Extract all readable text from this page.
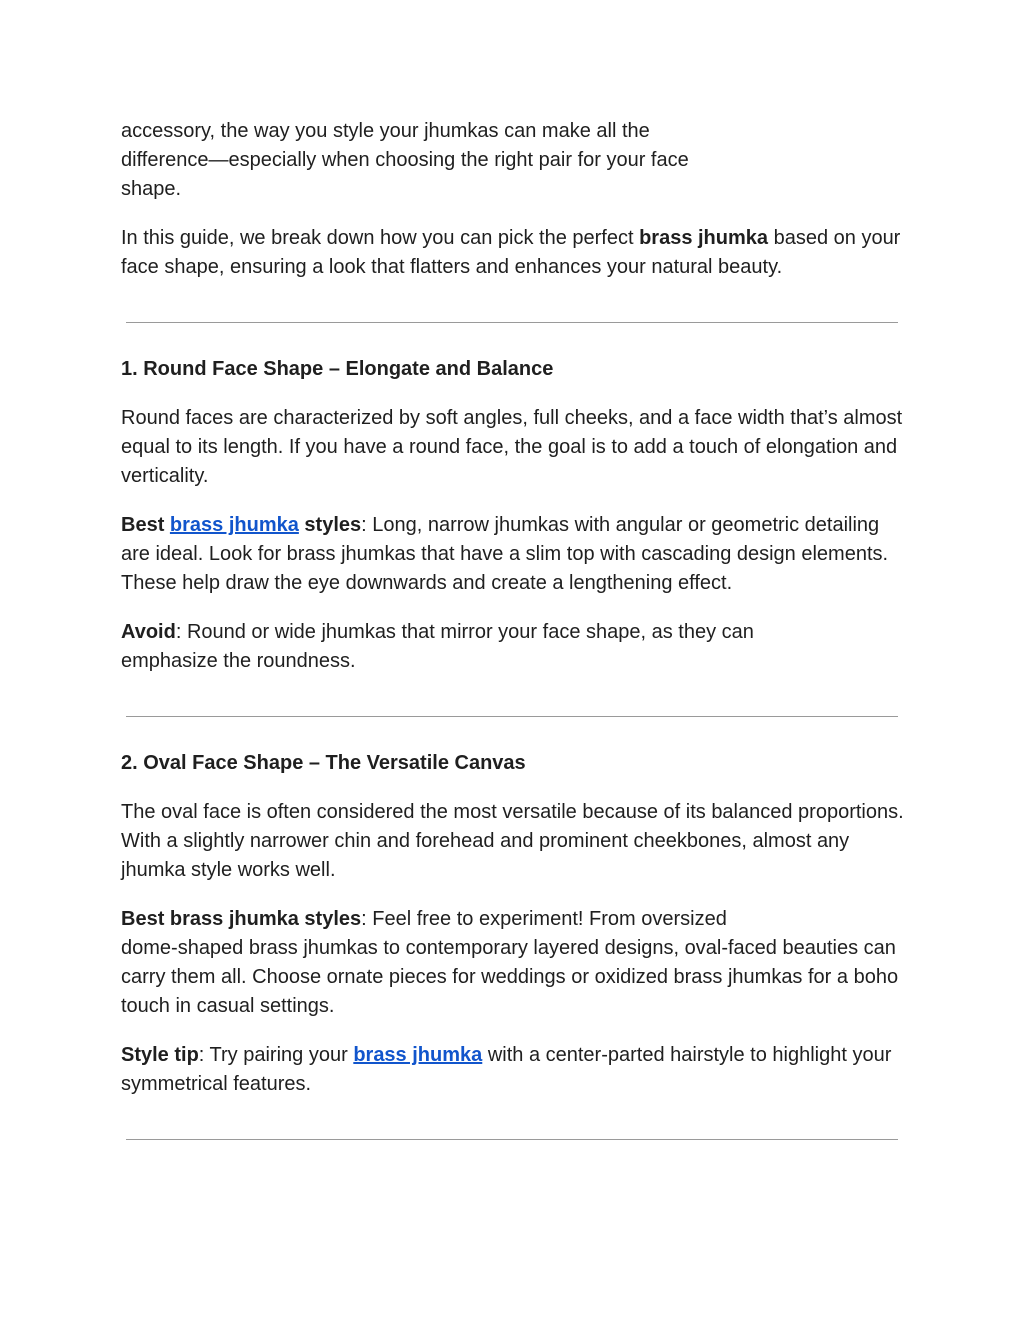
accessory, the way you style your jhumkas can make all the difference—especially when choosing the right pair for your face shape.

In this guide, we break down how you can pick the perfect brass jhumka based on your face shape, ensuring a look that flatters and enhances your natural beauty.

1. Round Face Shape – Elongate and Balance

Round faces are characterized by soft angles, full cheeks, and a face width that’s almost equal to its length. If you have a round face, the goal is to add a touch of elongation and verticality.

Best brass jhumka styles: Long, narrow jhumkas with angular or geometric detailing are ideal. Look for brass jhumkas that have a slim top with cascading design elements. These help draw the eye downwards and create a lengthening effect.

Avoid: Round or wide jhumkas that mirror your face shape, as they can emphasize the roundness.

2. Oval Face Shape – The Versatile Canvas

The oval face is often considered the most versatile because of its balanced proportions. With a slightly narrower chin and forehead and prominent cheekbones, almost any jhumka style works well.

Best brass jhumka styles: Feel free to experiment! From oversized
dome-shaped brass jhumkas to contemporary layered designs, oval-faced beauties can carry them all. Choose ornate pieces for weddings or oxidized brass jhumkas for a boho touch in casual settings.

Style tip: Try pairing your brass jhumka with a center-parted hairstyle to highlight your symmetrical features.
